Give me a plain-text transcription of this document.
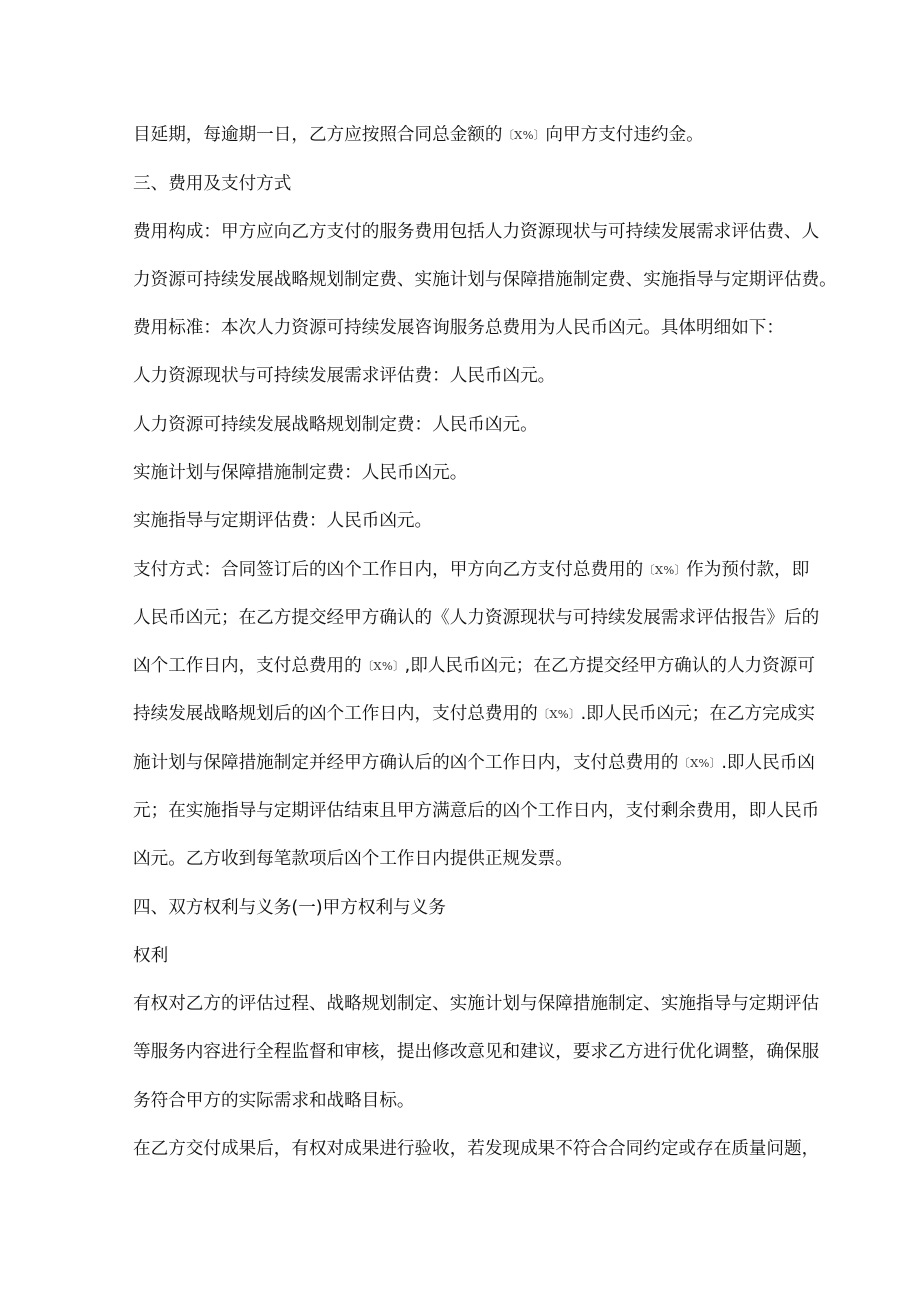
目延期，每逾期一日，乙方应按照合同总金额的〔X%〕向甲方支付违约金。
三、费用及支付方式
费用构成：甲方应向乙方支付的服务费用包括人力资源现状与可持续发展需求评估费、人
力资源可持续发展战略规划制定费、实施计划与保障措施制定费、实施指导与定期评估费。
费用标准：本次人力资源可持续发展咨询服务总费用为人民币凶元。具体明细如下：
人力资源现状与可持续发展需求评估费：人民币凶元。
人力资源可持续发展战略规划制定费：人民币凶元。
实施计划与保障措施制定费：人民币凶元。
实施指导与定期评估费：人民币凶元。
支付方式：合同签订后的凶个工作日内，甲方向乙方支付总费用的〔X%〕作为预付款，即
人民币凶元；在乙方提交经甲方确认的《人力资源现状与可持续发展需求评估报告》后的
凶个工作日内，支付总费用的〔X%〕,即人民币凶元；在乙方提交经甲方确认的人力资源可
持续发展战略规划后的凶个工作日内，支付总费用的〔X%〕.即人民币凶元；在乙方完成实
施计划与保障措施制定并经甲方确认后的凶个工作日内，支付总费用的〔X%〕.即人民币凶
元；在实施指导与定期评估结束且甲方满意后的凶个工作日内，支付剩余费用，即人民币
凶元。乙方收到每笔款项后凶个工作日内提供正规发票。
四、双方权利与义务(一)甲方权利与义务
权利
有权对乙方的评估过程、战略规划制定、实施计划与保障措施制定、实施指导与定期评估
等服务内容进行全程监督和审核，提出修改意见和建议，要求乙方进行优化调整，确保服
务符合甲方的实际需求和战略目标。
在乙方交付成果后，有权对成果进行验收，若发现成果不符合合同约定或存在质量问题，
